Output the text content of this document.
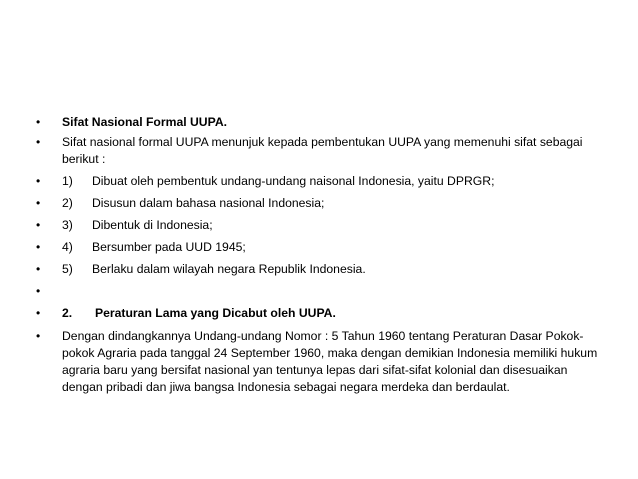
• Sifat Nasional Formal UUPA.
• Sifat nasional formal UUPA menunjuk kepada pembentukan UUPA yang memenuhi sifat sebagai berikut :
• 1) Dibuat oleh pembentuk undang-undang naisonal Indonesia, yaitu DPRGR;
• 2) Disusun dalam bahasa nasional Indonesia;
• 3) Dibentuk di Indonesia;
• 4) Bersumber pada UUD 1945;
• 5) Berlaku dalam wilayah negara Republik Indonesia.
•
• 2. Peraturan Lama yang Dicabut oleh UUPA.
• Dengan dindangkannya Undang-undang Nomor : 5 Tahun 1960 tentang Peraturan Dasar Pokok-pokok Agraria pada tanggal 24 September 1960, maka dengan demikian Indonesia memiliki hukum agraria baru yang bersifat nasional yan tentunya lepas dari sifat-sifat kolonial dan disesuaikan dengan pribadi dan jiwa bangsa Indonesia sebagai negara merdeka dan berdaulat.
